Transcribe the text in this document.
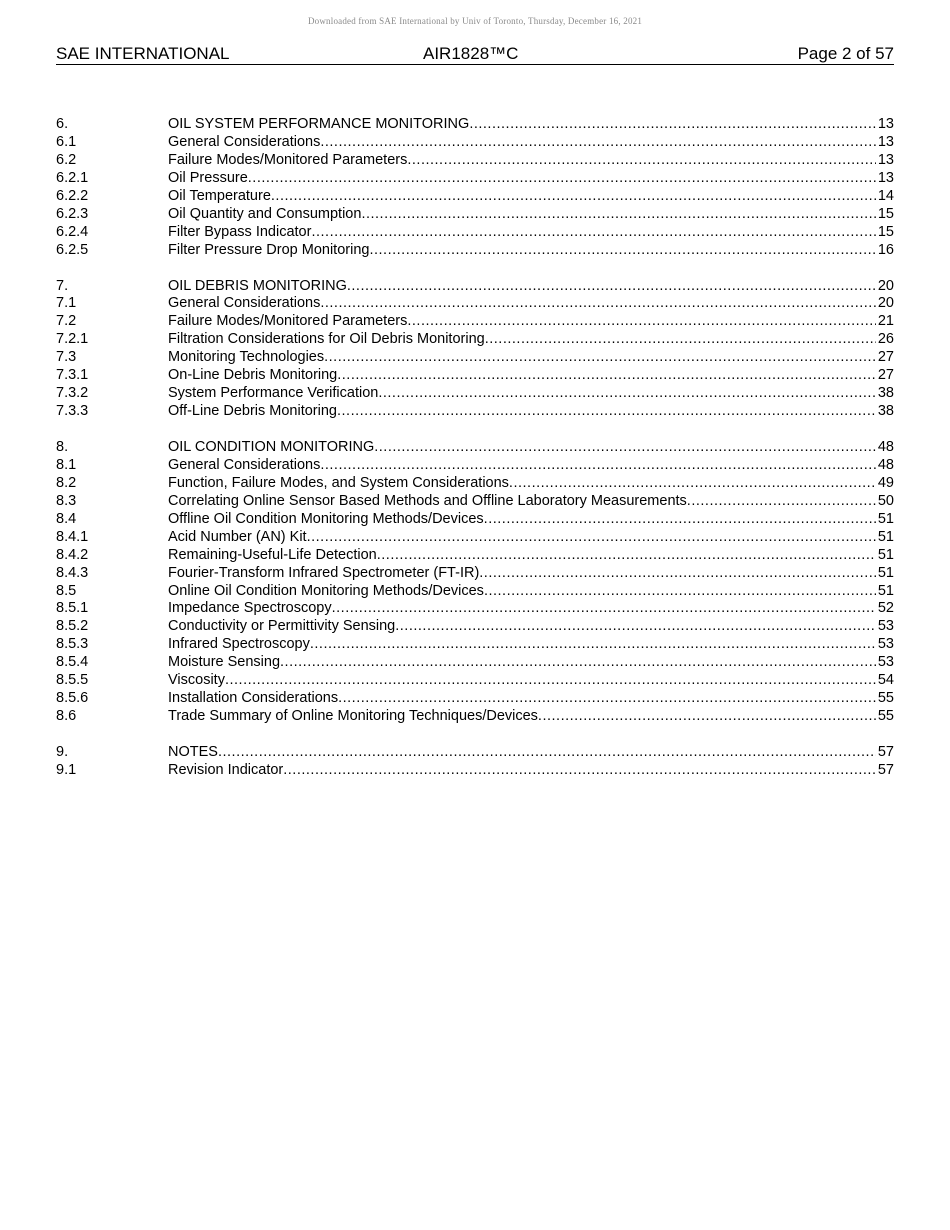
Downloaded from SAE International by Univ of Toronto, Thursday, December 16, 2021
SAE INTERNATIONAL	AIR1828™C	Page 2 of 57
6.	OIL SYSTEM PERFORMANCE MONITORING .....	13
6.1	General Considerations .....	13
6.2	Failure Modes/Monitored Parameters .....	13
6.2.1	Oil Pressure .....	13
6.2.2	Oil Temperature .....	14
6.2.3	Oil Quantity and Consumption .....	15
6.2.4	Filter Bypass Indicator .....	15
6.2.5	Filter Pressure Drop Monitoring .....	16
7.	OIL DEBRIS MONITORING .....	20
7.1	General Considerations .....	20
7.2	Failure Modes/Monitored Parameters .....	21
7.2.1	Filtration Considerations for Oil Debris Monitoring .....	26
7.3	Monitoring Technologies .....	27
7.3.1	On-Line Debris Monitoring .....	27
7.3.2	System Performance Verification .....	38
7.3.3	Off-Line Debris Monitoring .....	38
8.	OIL CONDITION MONITORING .....	48
8.1	General Considerations .....	48
8.2	Function, Failure Modes, and System Considerations .....	49
8.3	Correlating Online Sensor Based Methods and Offline Laboratory Measurements .....	50
8.4	Offline Oil Condition Monitoring Methods/Devices .....	51
8.4.1	Acid Number (AN) Kit .....	51
8.4.2	Remaining-Useful-Life Detection .....	51
8.4.3	Fourier-Transform Infrared Spectrometer (FT-IR) .....	51
8.5	Online Oil Condition Monitoring Methods/Devices .....	51
8.5.1	Impedance Spectroscopy .....	52
8.5.2	Conductivity or Permittivity Sensing .....	53
8.5.3	Infrared Spectroscopy .....	53
8.5.4	Moisture Sensing .....	53
8.5.5	Viscosity .....	54
8.5.6	Installation Considerations .....	55
8.6	Trade Summary of Online Monitoring Techniques/Devices .....	55
9.	NOTES .....	57
9.1	Revision Indicator .....	57
